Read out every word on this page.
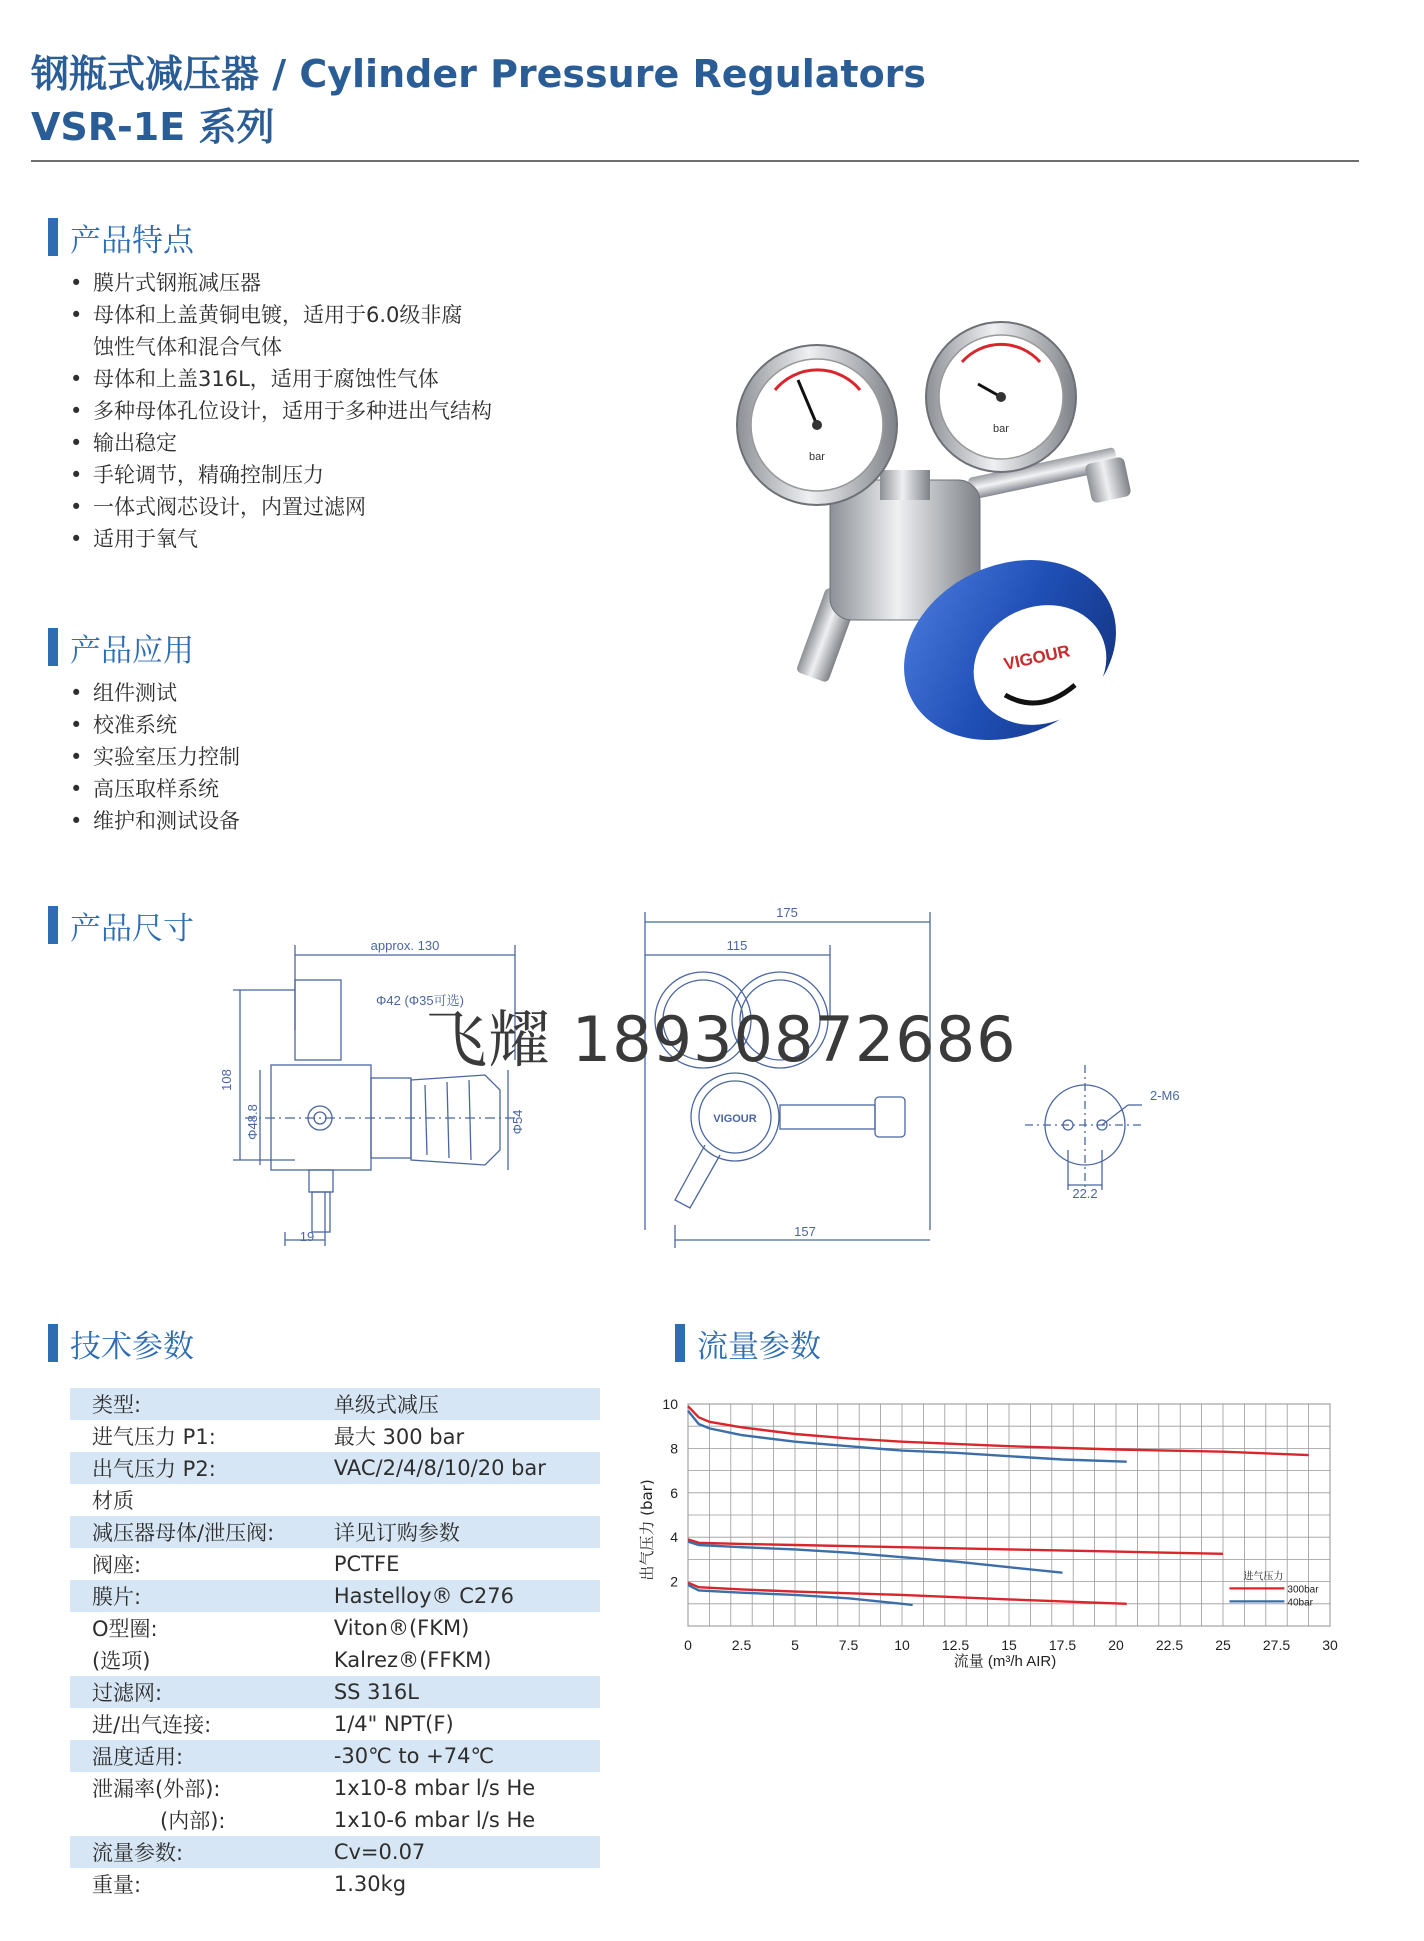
钢瓶式减压器 / Cylinder Pressure Regulators
VSR-1E 系列
产品特点
• 膜片式钢瓶减压器
• 母体和上盖黄铜电镀，适用于6.0级非腐蚀性气体和混合气体
• 母体和上盖316L，适用于腐蚀性气体
• 多种母体孔位设计，适用于多种进出气结构
• 输出稳定
• 手轮调节，精确控制压力
• 一体式阀芯设计，内置过滤网
• 适用于氧气
产品应用
• 组件测试
• 校准系统
• 实验室压力控制
• 高压取样系统
• 维护和测试设备
bar
bar
VIGOUR
产品尺寸	approx. 130
Φ42 (Φ35可选)
108
Φ48.8	Φ54
19
175
115
157
VIGOUR
2-M6
22.2
飞耀 18930872686
技术参数
类型:	单级式减压
进气压力 P1:	最大 300 bar
出气压力 P2:	VAC/2/4/8/10/20 bar
材质	
减压器母体/泄压阀:	详见订购参数
阀座:	PCTFE
膜片:	Hastelloy® C276
O型圈:	Viton®(FKM)
(选项)	Kalrez®(FFKM)
过滤网:	SS 316L
进/出气连接:	1/4" NPT(F)
温度适用:	-30℃ to +74℃
泄漏率(外部):	1x10-8 mbar l/s He
(内部):	1x10-6 mbar l/s He
流量参数:	Cv=0.07
重量:	1.30kg
流量参数
0	2.5	5	7.5	10 12.5 15 17.5 20 22.5 25 27.5 30
2
4
6
8
10
流量 (m³/h AIR)
出气压力 (bar)	进气压力
300bar
40bar
